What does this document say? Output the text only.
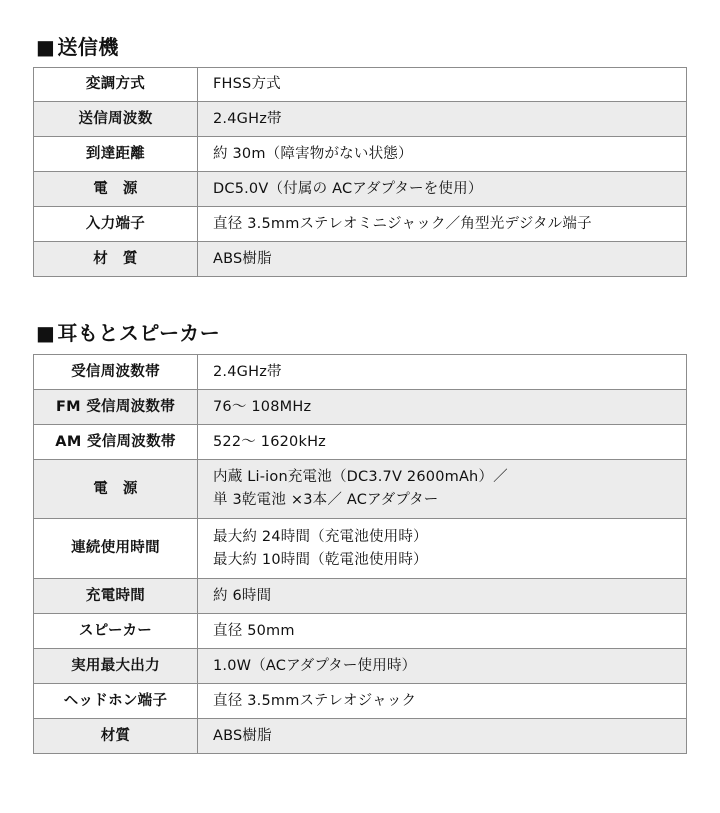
■ 送信機
変調方式	FHSS方式

送信周波数	2.4GHz帯

到達距離	約 30m（障害物がない状態）

電　源	DC5.0V（付属の ACアダプターを使用）

入力端子	直径 3.5mmステレオミニジャック／角型光デジタル端子

材　質	ABS樹脂
■ 耳もとスピーカー
受信周波数帯	2.4GHz帯

FM 受信周波数帯	76～ 108MHz

AM 受信周波数帯	522～ 1620kHz

電　源	内蔵 Li-ion充電池（DC3.7V 2600mAh）／
単 3乾電池 ×3本／ ACアダプター

連続使用時間	最大約 24時間（充電池使用時）
最大約 10時間（乾電池使用時）

充電時間	約 6時間

スピーカー	直径 50mm

実用最大出力	1.0W（ACアダプター使用時）

ヘッドホン端子	直径 3.5mmステレオジャック

材質	ABS樹脂
